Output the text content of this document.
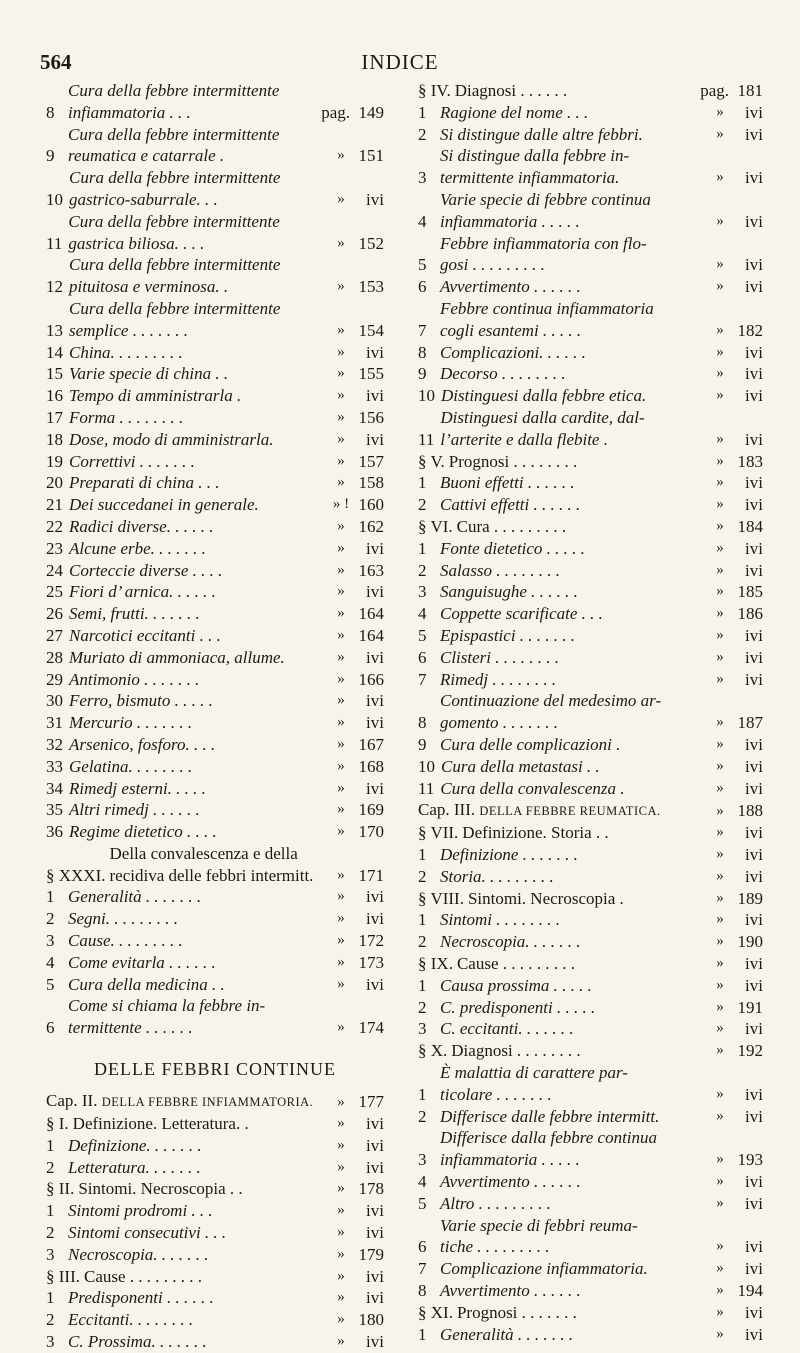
564	INDICE
8
Cura della febbre intermittente
infiammatoria . . .	pag. 149
9
Cura della febbre intermittente
reumatica e catarrale .	» 151
10
Cura della febbre intermittente
gastrico-saburrale. . .	»	ivi
11
Cura della febbre intermittente
gastrica biliosa. . . .	» 152
12
Cura della febbre intermittente
pituitosa e verminosa. .	» 153
13
Cura della febbre intermittente
semplice . . . . . . .	» 154
14 China. . . . . . . . .	»	ivi
15 Varie specie di china . .	» 155
16 Tempo di amministrarla .	»	ivi
17 Forma . . . . . . . .	» 156
18 Dose, modo di amministrarla.	»	ivi
19 Correttivi . . . . . . .	» 157
20 Preparati di china . . .	» 158
21 Dei succedanei in generale.	» ! 160
22 Radici diverse. . . . . .	» 162
23 Alcune erbe. . . . . . .	»	ivi
24 Corteccie diverse . . . .	» 163
25 Fiori d’ arnica. . . . . .	»	ivi
26 Semi, frutti. . . . . . .	» 164
27 Narcotici eccitanti . . .	» 164
28 Muriato di ammoniaca, allume.	»	ivi
29 Antimonio . . . . . . .	» 166
30 Ferro, bismuto . . . . .	»	ivi
31 Mercurio . . . . . . .	»	ivi
32 Arsenico, fosforo. . . .	» 167
33 Gelatina. . . . . . . .	» 168
34 Rimedj esterni. . . . .	»	ivi
35 Altri rimedj . . . . . .	» 169
36 Regime dietetico . . . .	» 170
§ XXXI.
Della convalescenza e della
recidiva delle febbri intermitt.	» 171
1 Generalità . . . . . . .	»	ivi
2 Segni. . . . . . . . .	»	ivi
3 Cause. . . . . . . . .	» 172
4 Come evitarla . . . . . .	» 173
5 Cura della medicina . .	»	ivi
6
Come si chiama la febbre in-
termittente . . . . . .	» 174
DELLE FEBBRI CONTINUE
Cap. II. DELLA FEBBRE INFIAMMATORIA.	» 177
§ I. Definizione. Letteratura. .	»	ivi
1 Definizione. . . . . . .	»	ivi
2 Letteratura. . . . . . .	»	ivi
§ II. Sintomi. Necroscopia . .	» 178
1 Sintomi prodromi . . .	»	ivi
2 Sintomi consecutivi . . .	»	ivi
3 Necroscopia. . . . . . .	» 179
§ III. Cause . . . . . . . . .	»	ivi
1 Predisponenti . . . . . .	»	ivi
2 Eccitanti. . . . . . . .	» 180
3 C. Prossima. . . . . . .	»	ivi
§ IV. Diagnosi . . . . . .	pag. 181
1 Ragione del nome . . .	»	ivi
2 Si distingue dalle altre febbri.	»	ivi
3
Si distingue dalla febbre in-
termittente infiammatoria.	»	ivi
4
Varie specie di febbre continua
infiammatoria . . . . .	»	ivi
5
Febbre infiammatoria con flo-
gosi . . . . . . . . .	»	ivi
6 Avvertimento . . . . . .	»	ivi
7
Febbre continua infiammatoria
cogli esantemi . . . . .	» 182
8 Complicazioni. . . . . .	»	ivi
9 Decorso . . . . . . . .	»	ivi
10 Distinguesi dalla febbre etica.	»	ivi
11
Distinguesi dalla cardite, dal-
l’arterite e dalla flebite .	»	ivi
§ V. Prognosi . . . . . . . .	» 183
1 Buoni effetti . . . . . .	»	ivi
2 Cattivi effetti . . . . . .	»	ivi
§ VI. Cura . . . . . . . . .	» 184
1 Fonte dietetico . . . . .	»	ivi
2 Salasso . . . . . . . .	»	ivi
3 Sanguisughe . . . . . .	» 185
4 Coppette scarificate . . .	» 186
5 Epispastici . . . . . . .	»	ivi
6 Clisteri . . . . . . . .	»	ivi
7 Rimedj . . . . . . . .	»	ivi
8
Continuazione del medesimo ar-
gomento . . . . . . .	» 187
9 Cura delle complicazioni .	»	ivi
10 Cura della metastasi . .	»	ivi
11 Cura della convalescenza .	»	ivi
Cap. III. DELLA FEBBRE REUMATICA.	» 188
§ VII. Definizione. Storia . .	»	ivi
1 Definizione . . . . . . .	»	ivi
2 Storia. . . . . . . . .	»	ivi
§ VIII. Sintomi. Necroscopia .	» 189
1 Sintomi . . . . . . . .	»	ivi
2 Necroscopia. . . . . . .	» 190
§ IX. Cause . . . . . . . . .	»	ivi
1 Causa prossima . . . . .	»	ivi
2 C. predisponenti . . . . .	» 191
3 C. eccitanti. . . . . . .	»	ivi
§ X. Diagnosi . . . . . . . .	» 192
1
È malattia di carattere par-
ticolare . . . . . . .	»	ivi
2 Differisce dalle febbre intermitt.	»	ivi
3
Differisce dalla febbre continua
infiammatoria . . . . .	» 193
4 Avvertimento . . . . . .	»	ivi
5 Altro . . . . . . . . .	»	ivi
6
Varie specie di febbri reuma-
tiche . . . . . . . . .	»	ivi
7 Complicazione infiammatoria.	»	ivi
8 Avvertimento . . . . . .	» 194
§ XI. Prognosi . . . . . . .	»	ivi
1 Generalità . . . . . . .	»	ivi
